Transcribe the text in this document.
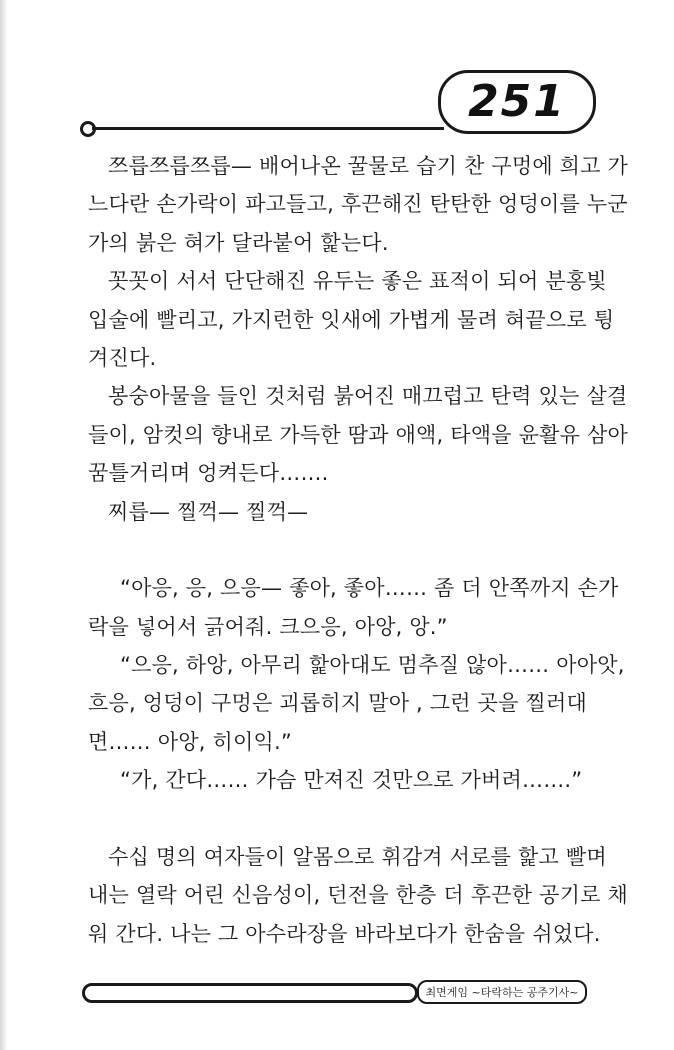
251
쯔릅쯔릅쯔릅— 배어나온 꿀물로 습기 찬 구멍에 희고 가
느다란 손가락이 파고들고, 후끈해진 탄탄한 엉덩이를 누군
가의 붉은 혀가 달라붙어 핥는다.
꼿꼿이 서서 단단해진 유두는 좋은 표적이 되어 분홍빛
입술에 빨리고, 가지런한 잇새에 가볍게 물려 혀끝으로 튕
겨진다.
봉숭아물을 들인 것처럼 붉어진 매끄럽고 탄력 있는 살결
들이, 암컷의 향내로 가득한 땀과 애액, 타액을 윤활유 삼아
꿈틀거리며 엉켜든다…….
찌릅— 찔꺽— 찔꺽—
“아응, 응, 으응— 좋아, 좋아…… 좀 더 안쪽까지 손가
락을 넣어서 긁어줘. 크으응, 아앙, 앙.”
“으응, 하앙, 아무리 핥아대도 멈추질 않아…… 아아앗,
흐응, 엉덩이 구멍은 괴롭히지 말아 , 그런 곳을 찔러대
면…… 아앙, 히이익.”
“가, 간다…… 가슴 만져진 것만으로 가버려…….”
수십 명의 여자들이 알몸으로 휘감겨 서로를 핥고 빨며
내는 열락 어린 신음성이, 던전을 한층 더 후끈한 공기로 채
워 간다. 나는 그 아수라장을 바라보다가 한숨을 쉬었다.
최면게임 ~타락하는 공주기사~
